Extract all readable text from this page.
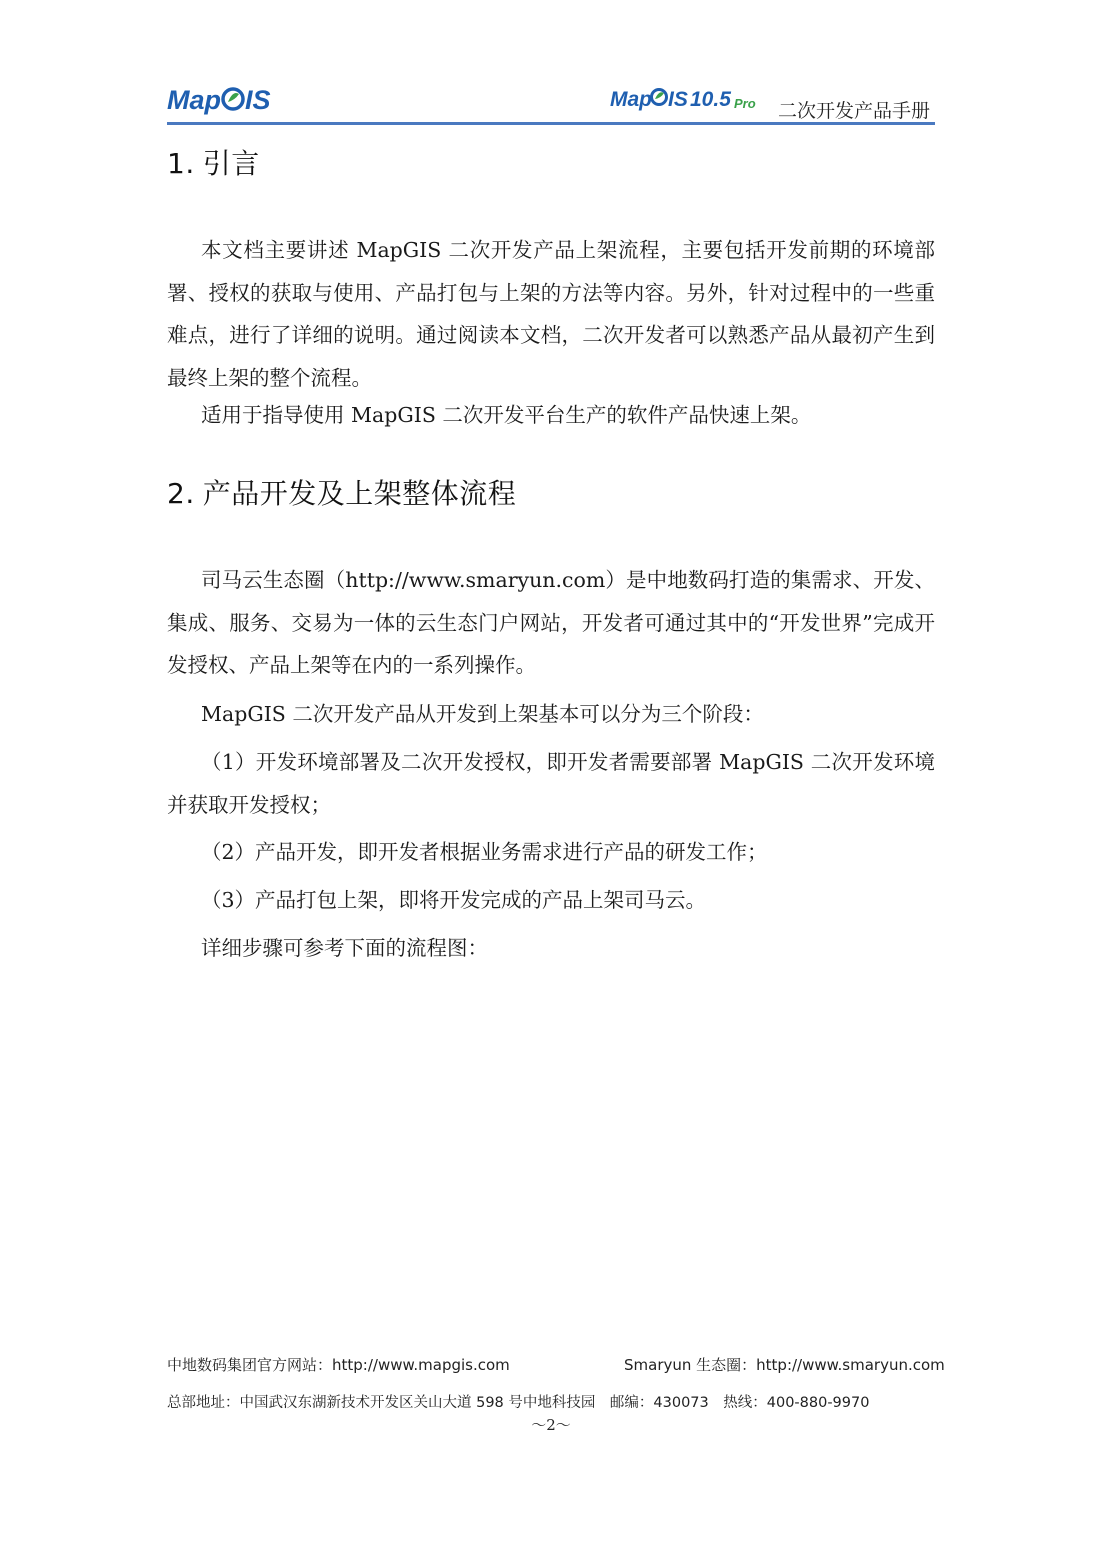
Map IS	Map IS 10.5 Pro 二次开发产品手册
1. 引言
本文档主要讲述 MapGIS 二次开发产品上架流程，主要包括开发前期的环境部署、授权的获取与使用、产品打包与上架的方法等内容。另外，针对过程中的一些重难点，进行了详细的说明。通过阅读本文档，二次开发者可以熟悉产品从最初产生到最终上架的整个流程。
适用于指导使用 MapGIS 二次开发平台生产的软件产品快速上架。
2. 产品开发及上架整体流程
司马云生态圈（http://www.smaryun.com）是中地数码打造的集需求、开发、集成、服务、交易为一体的云生态门户网站，开发者可通过其中的“开发世界”完成开发授权、产品上架等在内的一系列操作。
MapGIS 二次开发产品从开发到上架基本可以分为三个阶段：
（1）开发环境部署及二次开发授权，即开发者需要部署 MapGIS 二次开发环境并获取开发授权；
（2）产品开发，即开发者根据业务需求进行产品的研发工作；
（3）产品打包上架，即将开发完成的产品上架司马云。
详细步骤可参考下面的流程图：
中地数码集团官方网站：http://www.mapgis.com	Smaryun 生态圈：http://www.smaryun.com
总部地址：中国武汉东湖新技术开发区关山大道 598 号中地科技园　邮编：430073　热线：400-880-9970
～2～
